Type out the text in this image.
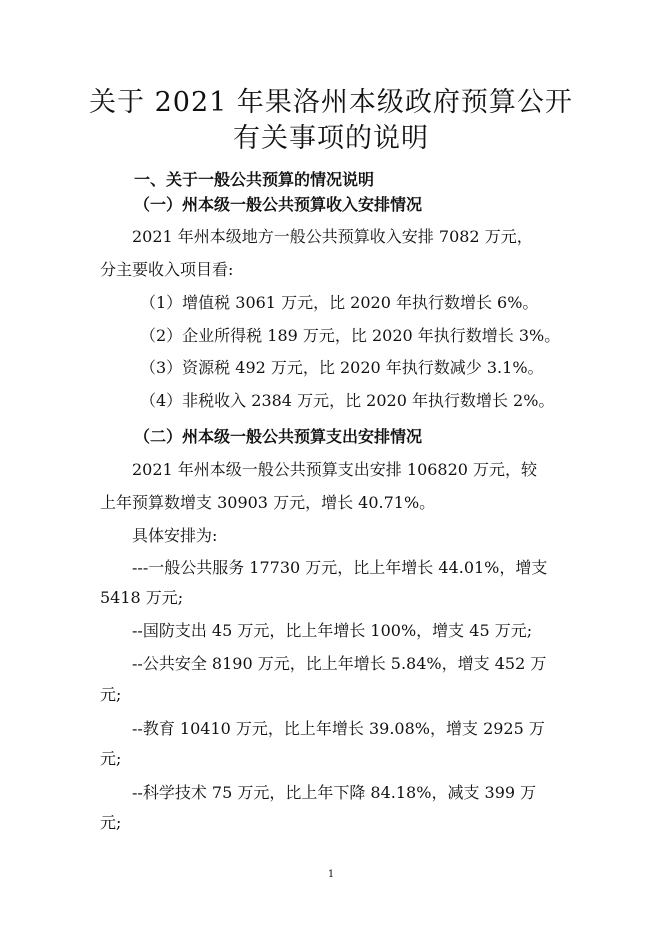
关于 2021 年果洛州本级政府预算公开
有关事项的说明
一、关于一般公共预算的情况说明
（一）州本级一般公共预算收入安排情况
2021 年州本级地方一般公共预算收入安排 7082 万元，
分主要收入项目看:
（1）增值税 3061 万元，比 2020 年执行数增长 6%。
（2）企业所得税 189 万元，比 2020 年执行数增长 3%。
（3）资源税 492 万元，比 2020 年执行数减少 3.1%。
（4）非税收入 2384 万元，比 2020 年执行数增长 2%。
（二）州本级一般公共预算支出安排情况
2021 年州本级一般公共预算支出安排 106820 万元，较
上年预算数增支 30903 万元，增长 40.71%。
具体安排为:
---一般公共服务 17730 万元，比上年增长 44.01%，增支
5418 万元;
--国防支出 45 万元，比上年增长 100%，增支 45 万元;
--公共安全 8190 万元，比上年增长 5.84%，增支 452 万
元;
--教育 10410 万元，比上年增长 39.08%，增支 2925 万
元;
--科学技术 75 万元，比上年下降 84.18%，减支 399 万
元;
1
